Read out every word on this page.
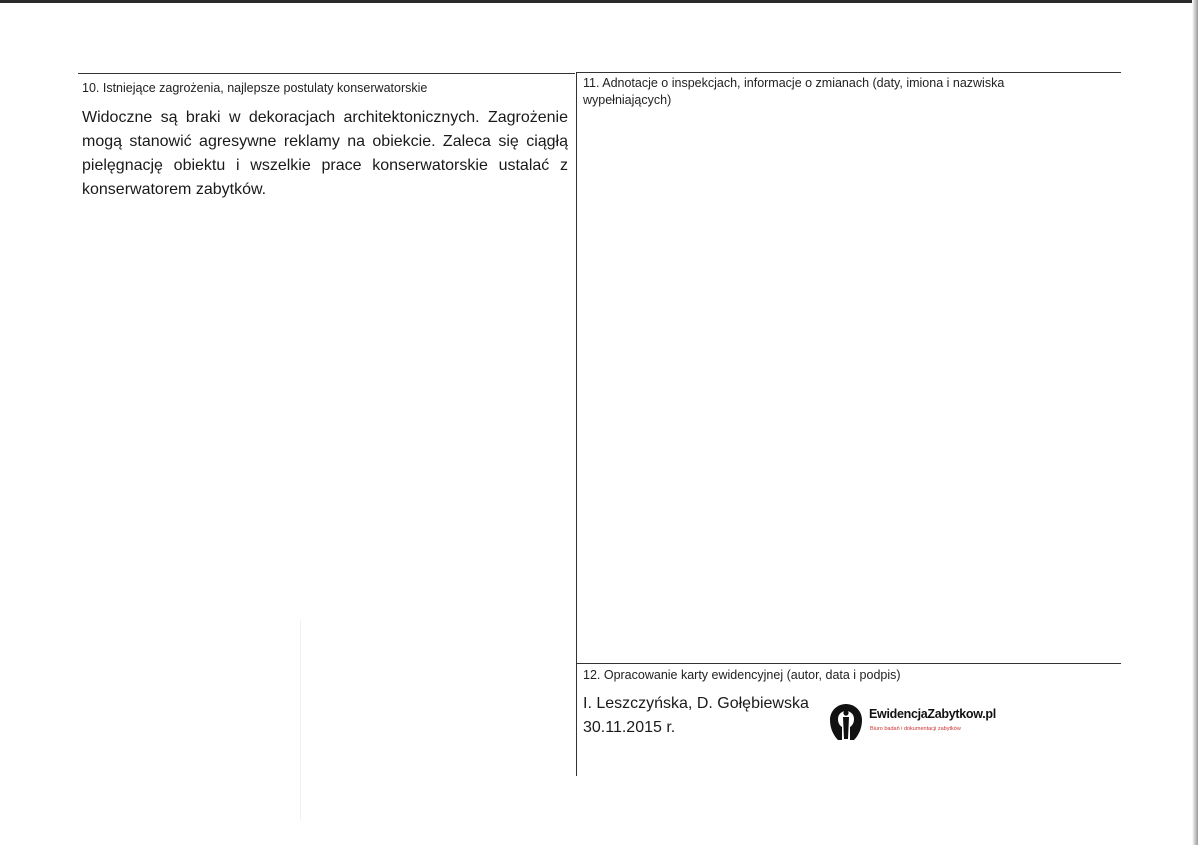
10. Istniejące zagrożenia, najlepsze postulaty konserwatorskie
Widoczne są braki w dekoracjach architektonicznych. Zagrożenie mogą stanowić agresywne reklamy na obiekcie. Zaleca się ciągłą pielęgnację obiektu i wszelkie prace konserwatorskie ustalać z konserwatorem zabytków.
11. Adnotacje o inspekcjach, informacje o zmianach (daty, imiona i nazwiska wypełniających)
12. Opracowanie karty ewidencyjnej (autor, data i podpis)
I. Leszczyńska, D. Gołębiewska
30.11.2015 r.
EwidencjaZabytkow.pl
Biuro badań i dokumentacji zabytków
